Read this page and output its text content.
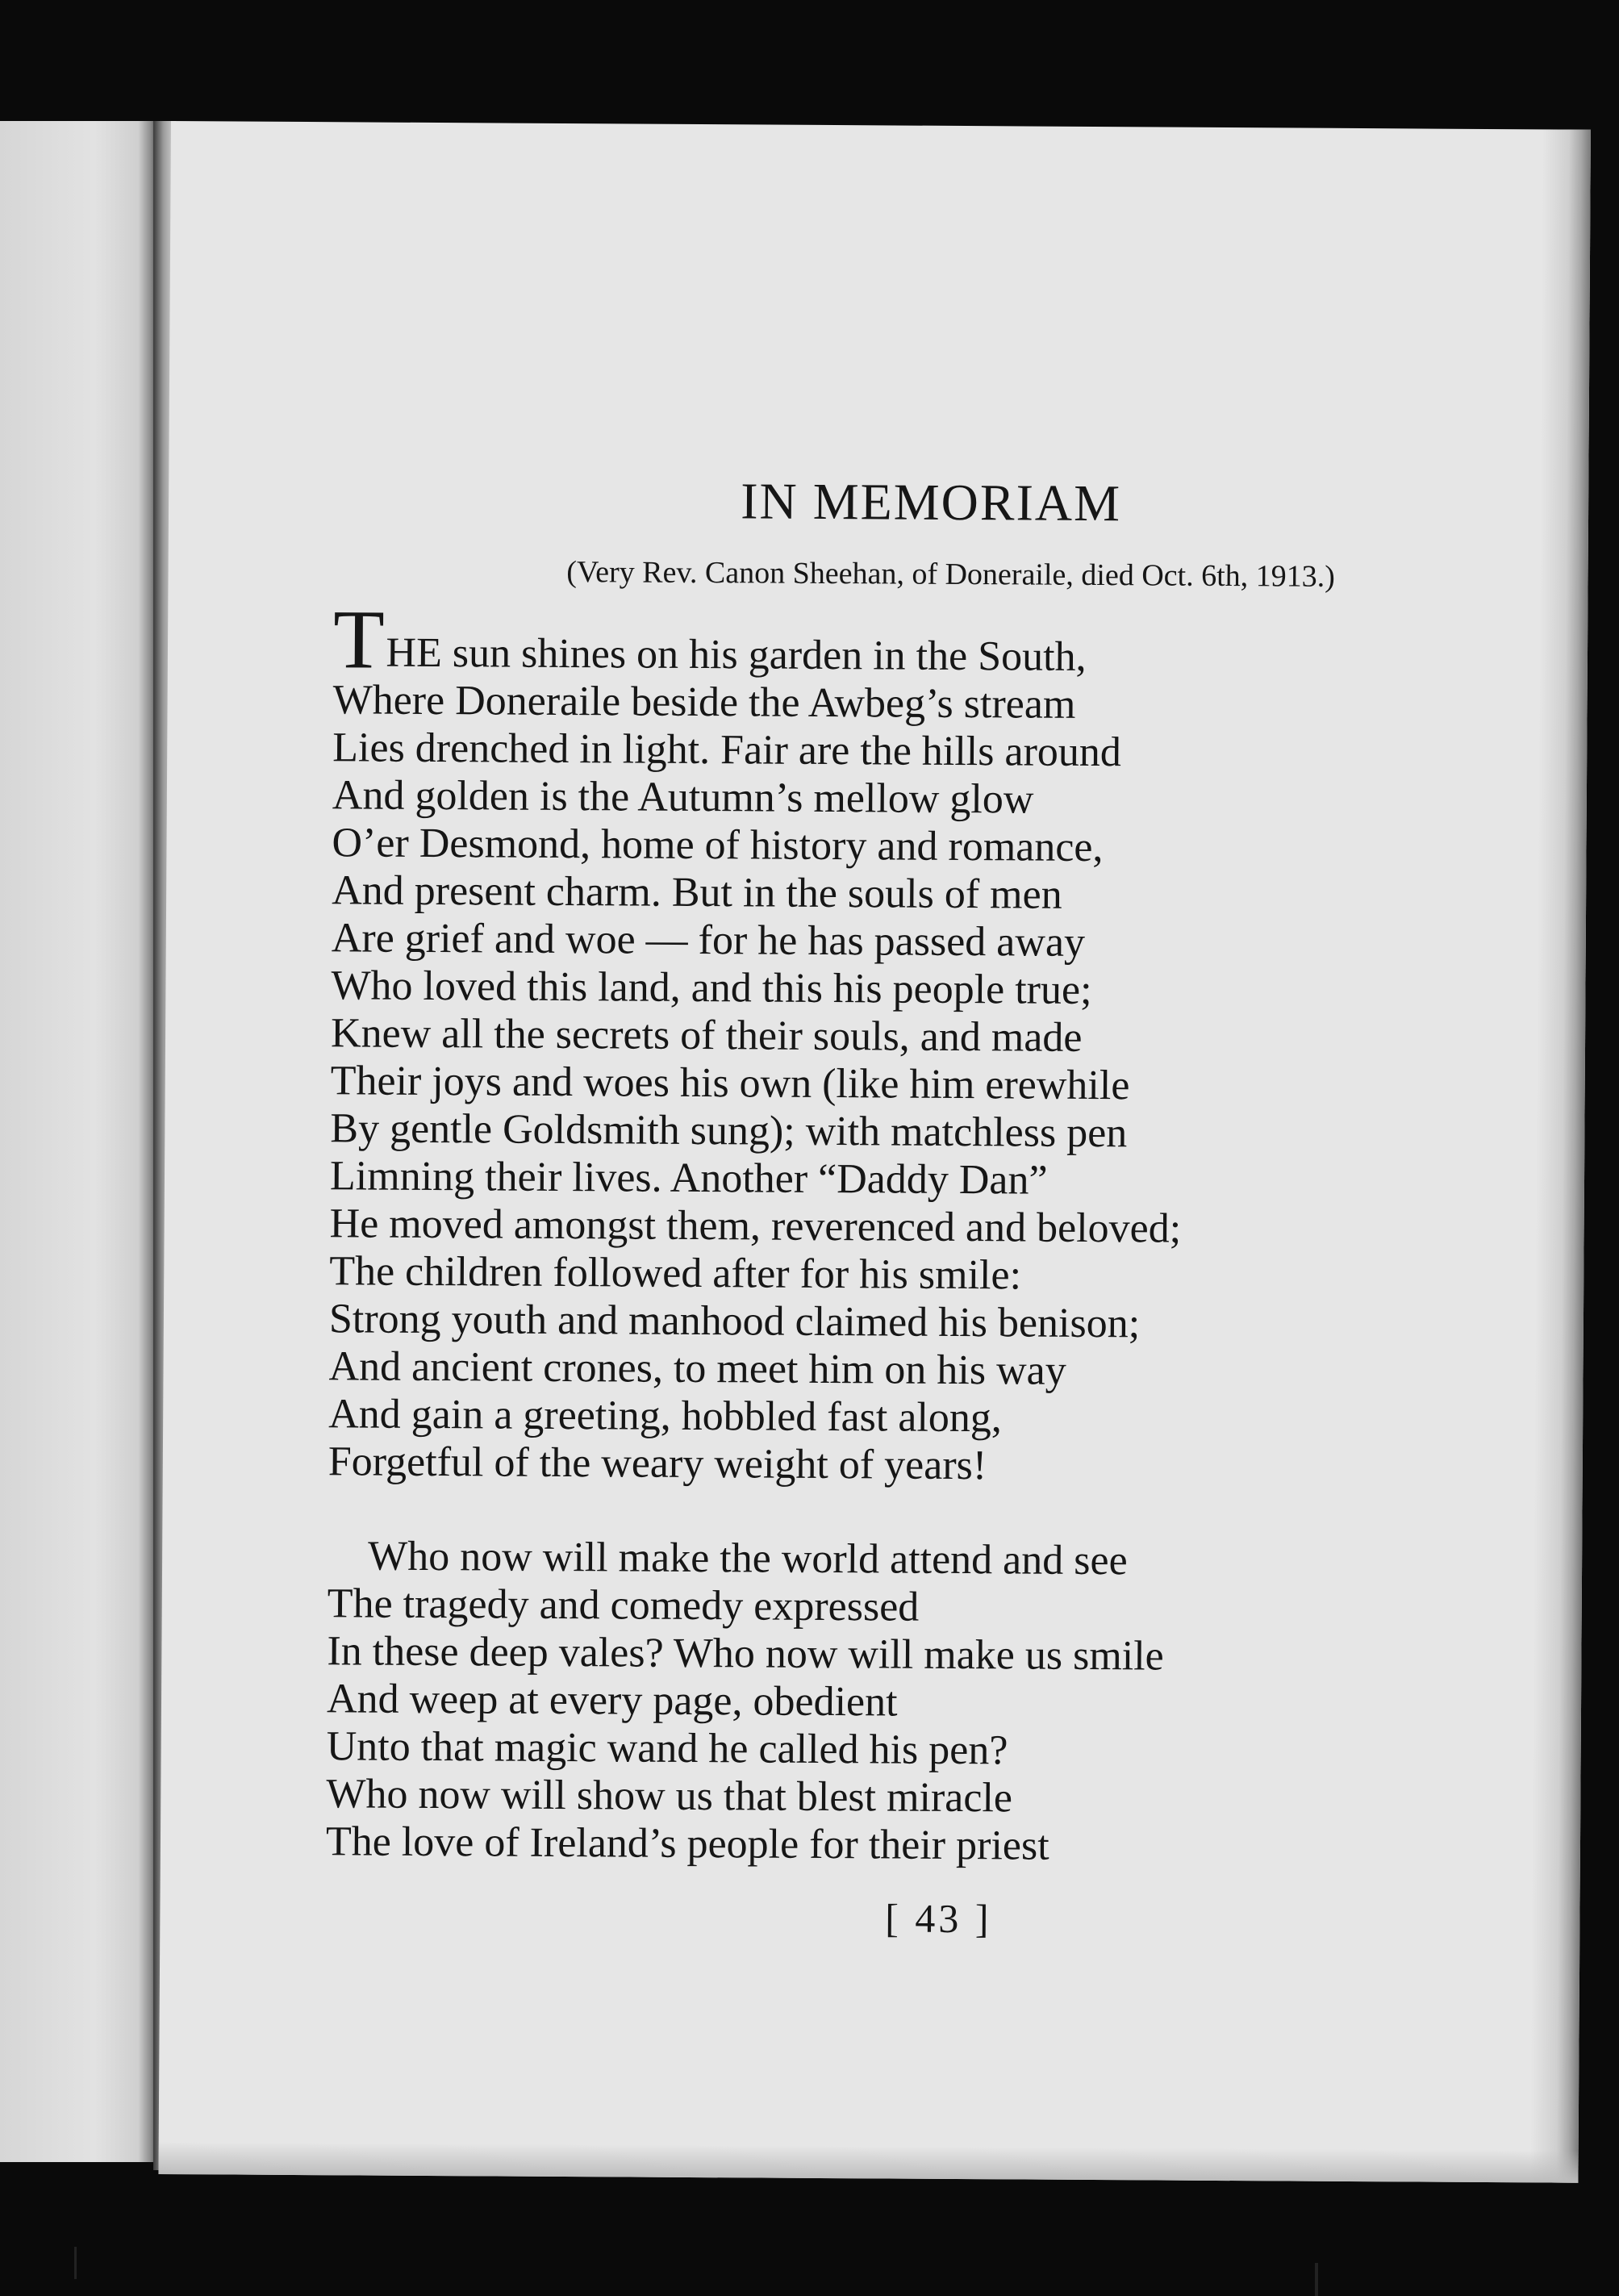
IN MEMORIAM
(Very Rev. Canon Sheehan, of Doneraile, died Oct. 6th, 1913.)
THE sun shines on his garden in the South,
Where Doneraile beside the Awbeg’s stream
Lies drenched in light. Fair are the hills around
And golden is the Autumn’s mellow glow
O’er Desmond, home of history and romance,
And present charm. But in the souls of men
Are grief and woe — for he has passed away
Who loved this land, and this his people true;
Knew all the secrets of their souls, and made
Their joys and woes his own (like him erewhile
By gentle Goldsmith sung); with matchless pen
Limning their lives. Another “Daddy Dan”
He moved amongst them, reverenced and beloved;
The children followed after for his smile:
Strong youth and manhood claimed his benison;
And ancient crones, to meet him on his way
And gain a greeting, hobbled fast along,
Forgetful of the weary weight of years!
Who now will make the world attend and see
The tragedy and comedy expressed
In these deep vales? Who now will make us smile
And weep at every page, obedient
Unto that magic wand he called his pen?
Who now will show us that blest miracle
The love of Ireland’s people for their priest
[ 43 ]
